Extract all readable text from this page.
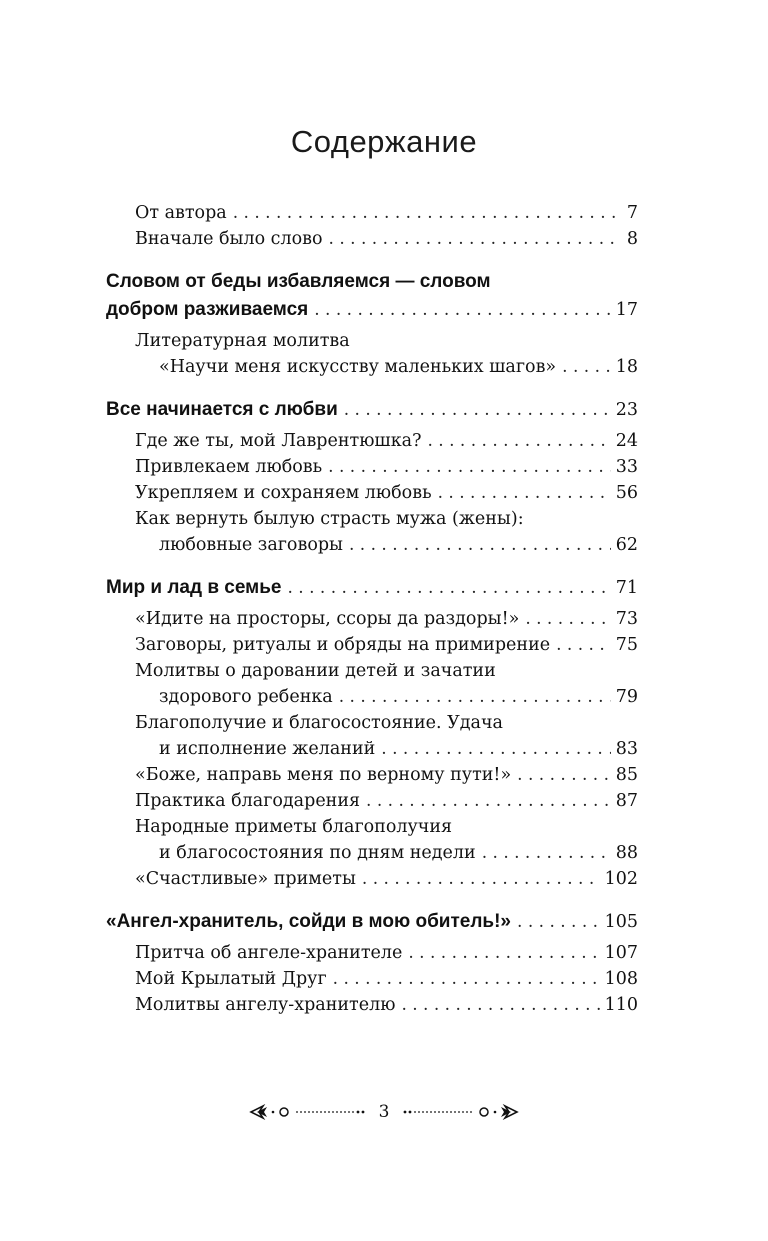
Содержание
От автора . . .	7
Вначале было слово . . .	8
Словом от беды избавляемся — словом
добром разживаемся . . .	17
Литературная молитва
«Научи меня искусству маленьких шагов» . . .	18
Все начинается с любви . . .	23
Где же ты, мой Лаврентюшка? . . .	24
Привлекаем любовь . . .	33
Укрепляем и сохраняем любовь . . .	56
Как вернуть былую страсть мужа (жены):
любовные заговоры . . .	62
Мир и лад в семье . . .	71
«Идите на просторы, ссоры да раздоры!» . . .	73
Заговоры, ритуалы и обряды на примирение . . .	75
Молитвы о даровании детей и зачатии
здорового ребенка . . .	79
Благополучие и благосостояние. Удача
и исполнение желаний . . .	83
«Боже, направь меня по верному пути!» . . .	85
Практика благодарения . . .	87
Народные приметы благополучия
и благосостояния по дням недели . . .	88
«Счастливые» приметы . . .	102
«Ангел-хранитель, сойди в мою обитель!» . . .	105
Притча об ангеле-хранителе . . .	107
Мой Крылатый Друг . . .	108
Молитвы ангелу-хранителю . . .	110
3
